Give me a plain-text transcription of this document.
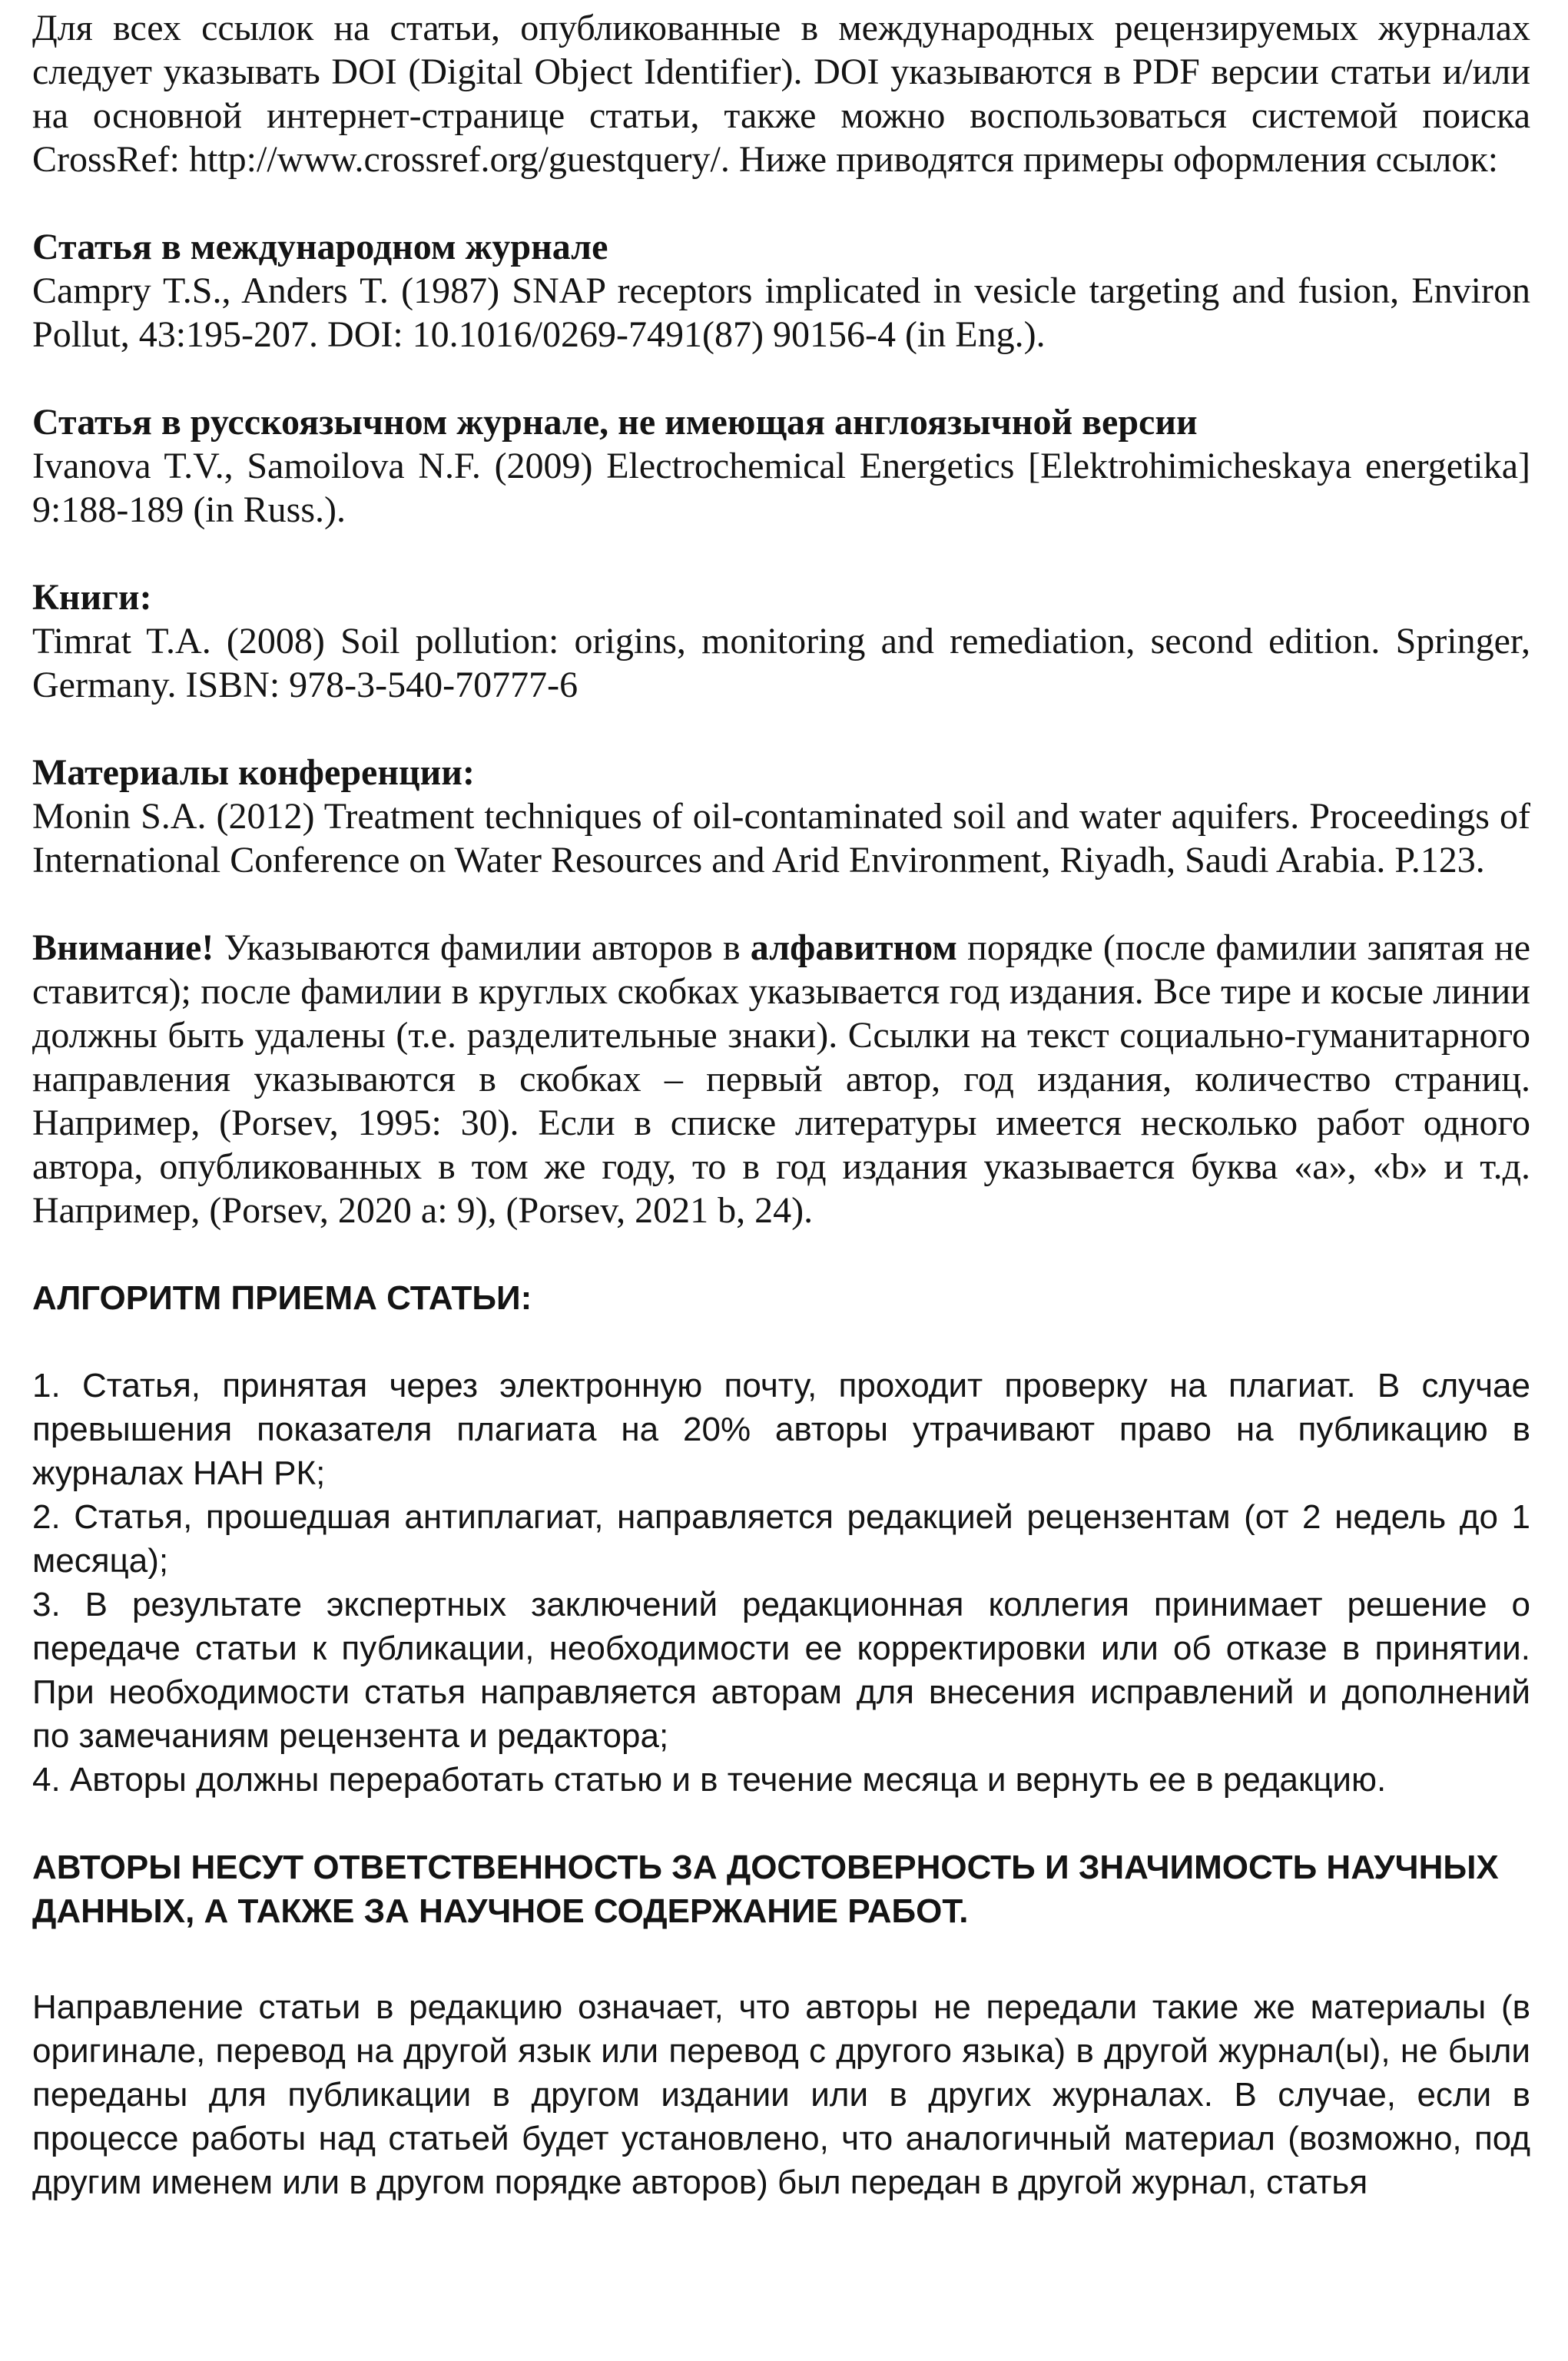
Для всех ссылок на статьи, опубликованные в международных рецензируемых журналах следует указывать DOI (Digital Object Identifier). DOI указываются в PDF версии статьи и/или на основной интернет-странице статьи, также можно воспользоваться системой поиска CrossRef: http://www.crossref.org/guestquery/. Ниже приводятся примеры оформления ссылок:

Статья в международном журнале

Campry T.S., Anders T. (1987) SNAP receptors implicated in vesicle targeting and fusion, Environ Pollut, 43:195-207. DOI: 10.1016/0269-7491(87) 90156-4 (in Eng.).

Статья в русскоязычном журнале, не имеющая англоязычной версии

Ivanova T.V., Samoilova N.F. (2009) Electrochemical Energetics [Elektrohimicheskaya energetika] 9:188-189 (in Russ.).

Книги:

Timrat T.A. (2008) Soil pollution: origins, monitoring and remediation, second edition. Springer, Germany. ISBN: 978-3-540-70777-6

Материалы конференции:

Monin S.A. (2012) Treatment techniques of oil-contaminated soil and water aquifers. Proceedings of International Conference on Water Resources and Arid Environment, Riyadh, Saudi Arabia. P.123.

Внимание! Указываются фамилии авторов в алфавитном порядке (после фамилии запятая не ставится); после фамилии в круглых скобках указывается год издания. Все тире и косые линии должны быть удалены (т.е. разделительные знаки). Ссылки на текст социально-гуманитарного направления указываются в скобках – первый автор, год издания, количество страниц. Например, (Porsev, 1995: 30). Если в списке литературы имеется несколько работ одного автора, опубликованных в том же году, то в год издания указывается буква «а», «b» и т.д. Например, (Porsev, 2020 а: 9), (Porsev, 2021 b, 24).

АЛГОРИТМ ПРИЕМА СТАТЬИ:

1. Статья, принятая через электронную почту, проходит проверку на плагиат. В случае превышения показателя плагиата на 20% авторы утрачивают право на публикацию в журналах НАН РК;

2. Статья, прошедшая антиплагиат, направляется редакцией рецензентам (от 2 недель до 1 месяца);

3. В результате экспертных заключений редакционная коллегия принимает решение о передаче статьи к публикации, необходимости ее корректировки или об отказе в принятии. При необходимости статья направляется авторам для внесения исправлений и дополнений по замечаниям рецензента и редактора;

4. Авторы должны переработать статью и в течение месяца и вернуть ее в редакцию.

АВТОРЫ НЕСУТ ОТВЕТСТВЕННОСТЬ ЗА ДОСТОВЕРНОСТЬ И ЗНАЧИМОСТЬ НАУЧНЫХ ДАННЫХ, А ТАКЖЕ ЗА НАУЧНОЕ СОДЕРЖАНИЕ РАБОТ.

Направление статьи в редакцию означает, что авторы не передали такие же материалы (в оригинале, перевод на другой язык или перевод с другого языка) в другой журнал(ы), не были переданы для публикации в другом издании или в других журналах. В случае, если в процессе работы над статьей будет установлено, что аналогичный материал (возможно, под другим именем или в другом порядке авторов) был передан в другой журнал, статья
